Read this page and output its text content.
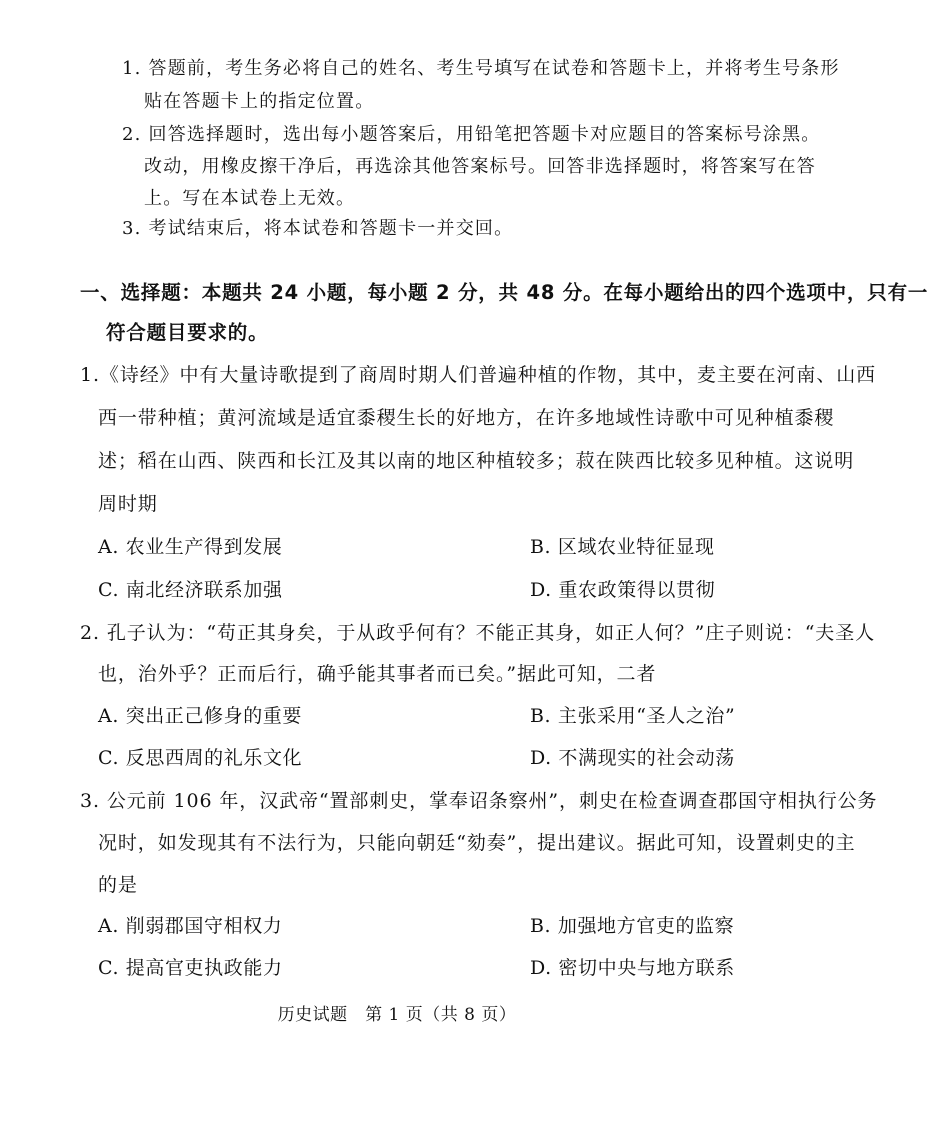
1. 答题前，考生务必将自己的姓名、考生号填写在试卷和答题卡上，并将考生号条形
贴在答题卡上的指定位置。
2. 回答选择题时，选出每小题答案后，用铅笔把答题卡对应题目的答案标号涂黑。
改动，用橡皮擦干净后，再选涂其他答案标号。回答非选择题时，将答案写在答
上。写在本试卷上无效。
3. 考试结束后，将本试卷和答题卡一并交回。
一、选择题：本题共 24 小题，每小题 2 分，共 48 分。在每小题给出的四个选项中，只有一
符合题目要求的。
1.《诗经》中有大量诗歌提到了商周时期人们普遍种植的作物，其中，麦主要在河南、山西
西一带种植；黄河流域是适宜黍稷生长的好地方，在许多地域性诗歌中可见种植黍稷
述；稻在山西、陕西和长江及其以南的地区种植较多；菽在陕西比较多见种植。这说明
周时期
A. 农业生产得到发展	B. 区域农业特征显现
C. 南北经济联系加强	D. 重农政策得以贯彻
2. 孔子认为：“苟正其身矣，于从政乎何有？不能正其身，如正人何？”庄子则说：“夫圣人
也，治外乎？正而后行，确乎能其事者而已矣。”据此可知，二者
A. 突出正己修身的重要	B. 主张采用“圣人之治”
C. 反思西周的礼乐文化	D. 不满现实的社会动荡
3. 公元前 106 年，汉武帝“置部刺史，掌奉诏条察州”，刺史在检查调查郡国守相执行公务
况时，如发现其有不法行为，只能向朝廷“劾奏”，提出建议。据此可知，设置刺史的主
的是
A. 削弱郡国守相权力	B. 加强地方官吏的监察
C. 提高官吏执政能力	D. 密切中央与地方联系
历史试题　第 1 页（共 8 页）
